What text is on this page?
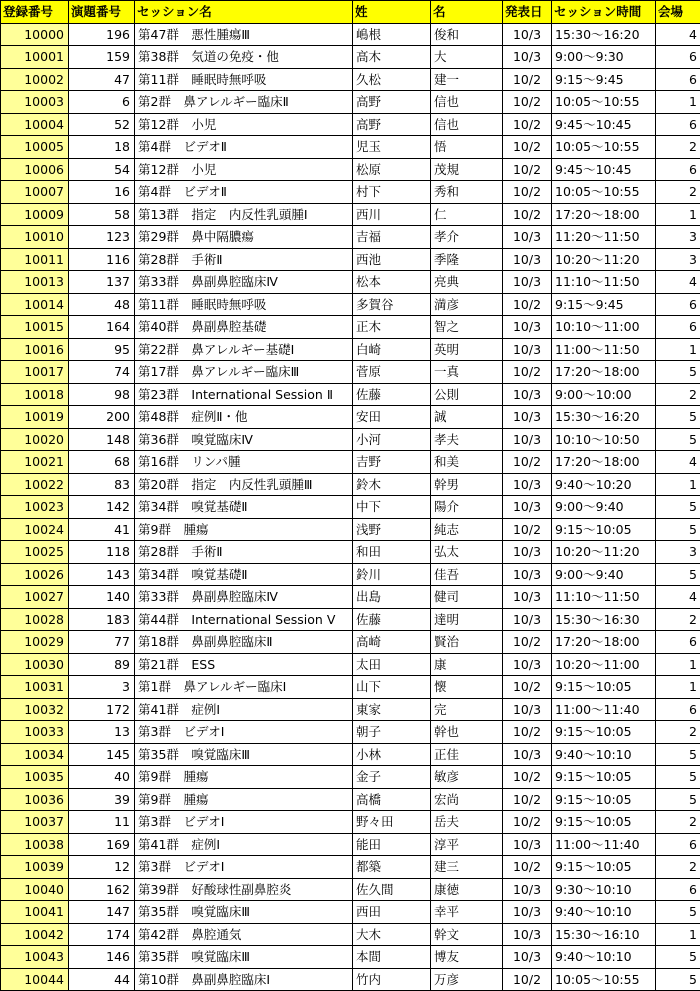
登録番号	演題番号	セッション名	姓	名	発表日	セッション時間	会場
10000	196	第47群　悪性腫瘍Ⅲ	嶋根	俊和	10/3	15:30〜16:20	4
10001	159	第38群　気道の免疫・他	高木	大	10/3	9:00〜9:30	6
10002	47	第11群　睡眠時無呼吸	久松	建一	10/2	9:15〜9:45	6
10003	6	第2群　鼻アレルギー臨床Ⅱ	高野	信也	10/2	10:05〜10:55	1
10004	52	第12群　小児	高野	信也	10/2	9:45〜10:45	6
10005	18	第4群　ビデオⅡ	児玉	悟	10/2	10:05〜10:55	2
10006	54	第12群　小児	松原	茂規	10/2	9:45〜10:45	6
10007	16	第4群　ビデオⅡ	村下	秀和	10/2	10:05〜10:55	2
10009	58	第13群　指定　内反性乳頭腫Ⅰ	西川	仁	10/2	17:20〜18:00	1
10010	123	第29群　鼻中隔膿瘍	吉福	孝介	10/3	11:20〜11:50	3
10011	116	第28群　手術Ⅱ	西池	季隆	10/3	10:20〜11:20	3
10013	137	第33群　鼻副鼻腔臨床Ⅳ	松本	亮典	10/3	11:10〜11:50	4
10014	48	第11群　睡眠時無呼吸	多賀谷	満彦	10/2	9:15〜9:45	6
10015	164	第40群　鼻副鼻腔基礎	正木	智之	10/3	10:10〜11:00	6
10016	95	第22群　鼻アレルギー基礎Ⅰ	白崎	英明	10/3	11:00〜11:50	1
10017	74	第17群　鼻アレルギー臨床Ⅲ	菅原	一真	10/2	17:20〜18:00	5
10018	98	第23群　International Session Ⅱ	佐藤	公則	10/3	9:00〜10:00	2
10019	200	第48群　症例Ⅱ・他	安田	誠	10/3	15:30〜16:20	5
10020	148	第36群　嗅覚臨床Ⅳ	小河	孝夫	10/3	10:10〜10:50	5
10021	68	第16群　リンパ腫	吉野	和美	10/2	17:20〜18:00	4
10022	83	第20群　指定　内反性乳頭腫Ⅲ	鈴木	幹男	10/3	9:40〜10:20	1
10023	142	第34群　嗅覚基礎Ⅱ	中下	陽介	10/3	9:00〜9:40	5
10024	41	第9群　腫瘍	浅野	純志	10/2	9:15〜10:05	5
10025	118	第28群　手術Ⅱ	和田	弘太	10/3	10:20〜11:20	3
10026	143	第34群　嗅覚基礎Ⅱ	鈴川	佳吾	10/3	9:00〜9:40	5
10027	140	第33群　鼻副鼻腔臨床Ⅳ	出島	健司	10/3	11:10〜11:50	4
10028	183	第44群　International Session Ⅴ	佐藤	達明	10/3	15:30〜16:30	2
10029	77	第18群　鼻副鼻腔臨床Ⅱ	高崎	賢治	10/2	17:20〜18:00	6
10030	89	第21群　ESS	太田	康	10/3	10:20〜11:00	1
10031	3	第1群　鼻アレルギー臨床Ⅰ	山下	懐	10/2	9:15〜10:05	1
10032	172	第41群　症例Ⅰ	東家	完	10/3	11:00〜11:40	6
10033	13	第3群　ビデオⅠ	朝子	幹也	10/2	9:15〜10:05	2
10034	145	第35群　嗅覚臨床Ⅲ	小林	正佳	10/3	9:40〜10:10	5
10035	40	第9群　腫瘍	金子	敏彦	10/2	9:15〜10:05	5
10036	39	第9群　腫瘍	高橋	宏尚	10/2	9:15〜10:05	5
10037	11	第3群　ビデオⅠ	野々田	岳夫	10/2	9:15〜10:05	2
10038	169	第41群　症例Ⅰ	能田	淳平	10/3	11:00〜11:40	6
10039	12	第3群　ビデオⅠ	都築	建三	10/2	9:15〜10:05	2
10040	162	第39群　好酸球性副鼻腔炎	佐久間	康徳	10/3	9:30〜10:10	6
10041	147	第35群　嗅覚臨床Ⅲ	西田	幸平	10/3	9:40〜10:10	5
10042	174	第42群　鼻腔通気	大木	幹文	10/3	15:30〜16:10	1
10043	146	第35群　嗅覚臨床Ⅲ	本間	博友	10/3	9:40〜10:10	5
10044	44	第10群　鼻副鼻腔臨床Ⅰ	竹内	万彦	10/2	10:05〜10:55	5
